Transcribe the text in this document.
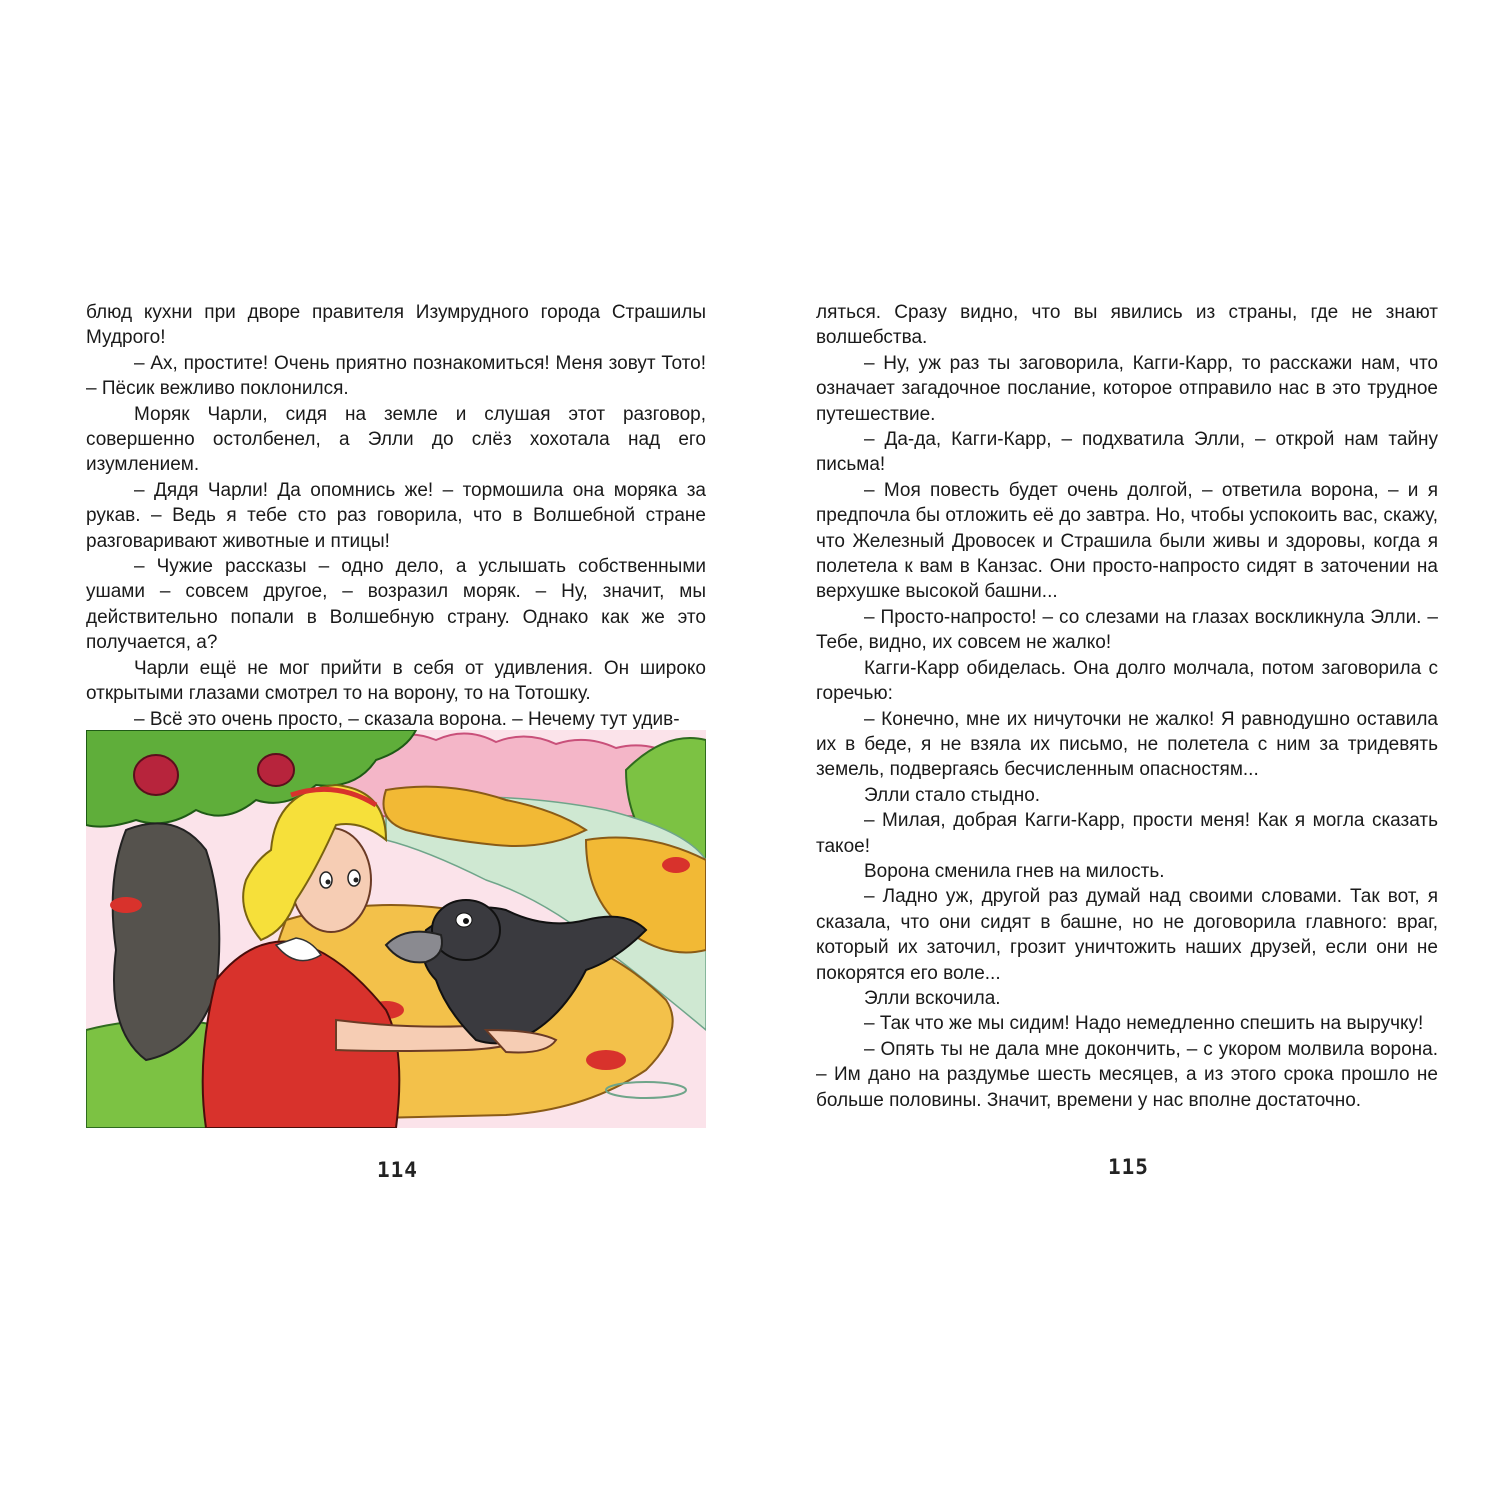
блюд кухни при дворе правителя Изумрудного города Страшилы Мудрого!

– Ах, простите! Очень приятно познакомиться! Меня зовут Тото! – Пёсик вежливо поклонился.

Моряк Чарли, сидя на земле и слушая этот разговор, совершенно остолбенел, а Элли до слёз хохотала над его изумлением.

– Дядя Чарли! Да опомнись же! – тормошила она моряка за рукав. – Ведь я тебе сто раз говорила, что в Волшебной стране разговаривают животные и птицы!

– Чужие рассказы – одно дело, а услышать собственными ушами – совсем другое, – возразил моряк. – Ну, значит, мы действительно попали в Волшебную страну. Однако как же это получается, а?

Чарли ещё не мог прийти в себя от удивления. Он широко открытыми глазами смотрел то на ворону, то на Тотошку.

– Всё это очень просто, – сказала ворона. – Нечему тут удив-

ляться. Сразу видно, что вы явились из страны, где не знают волшебства.

– Ну, уж раз ты заговорила, Кагги-Карр, то расскажи нам, что означает загадочное послание, которое отправило нас в это трудное путешествие.

– Да-да, Кагги-Карр, – подхватила Элли, – открой нам тайну письма!

– Моя повесть будет очень долгой, – ответила ворона, – и я предпочла бы отложить её до завтра. Но, чтобы успокоить вас, скажу, что Железный Дровосек и Страшила были живы и здоровы, когда я полетела к вам в Канзас. Они просто-напросто сидят в заточении на верхушке высокой башни...

– Просто-напросто! – со слезами на глазах воскликнула Элли. – Тебе, видно, их совсем не жалко!

Кагги-Карр обиделась. Она долго молчала, потом заговорила с горечью:

– Конечно, мне их ничуточки не жалко! Я равнодушно оставила их в беде, я не взяла их письмо, не полетела с ним за тридевять земель, подвергаясь бесчисленным опасностям...

Элли стало стыдно.

– Милая, добрая Кагги-Карр, прости меня! Как я могла сказать такое!

Ворона сменила гнев на милость.

– Ладно уж, другой раз думай над своими словами. Так вот, я сказала, что они сидят в башне, но не договорила главного: враг, который их заточил, грозит уничтожить наших друзей, если они не покорятся его воле...

Элли вскочила.

– Так что же мы сидим! Надо немедленно спешить на выручку!

– Опять ты не дала мне докончить, – с укором молвила ворона. – Им дано на раздумье шесть месяцев, а из этого срока прошло не больше половины. Значит, времени у нас вполне достаточно.

114	115
